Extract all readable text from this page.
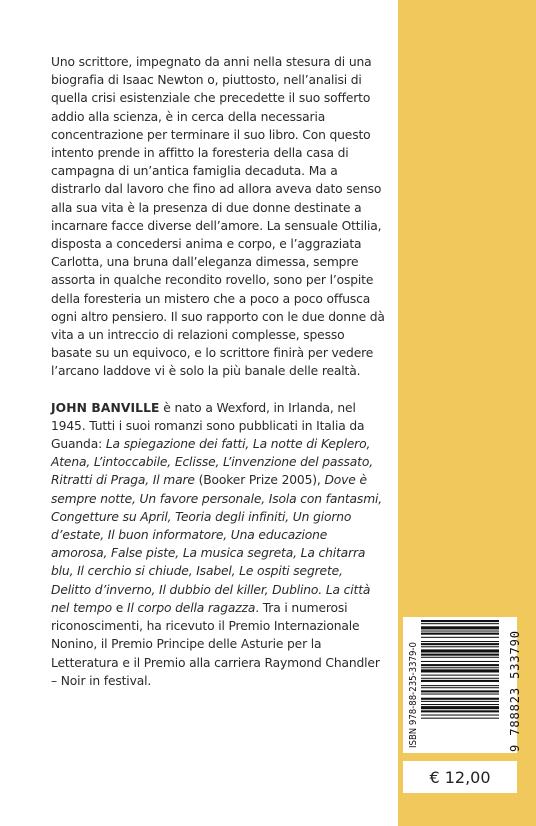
Uno scrittore, impegnato da anni nella stesura di una biografia di Isaac Newton o, piuttosto, nell’analisi di quella crisi esistenziale che precedette il suo sofferto addio alla scienza, è in cerca della necessaria concentrazione per terminare il suo libro. Con questo intento prende in affitto la foresteria della casa di campagna di un’antica famiglia decaduta. Ma a distrarlo dal lavoro che fino ad allora aveva dato senso alla sua vita è la presenza di due donne destinate a incarnare facce diverse dell’amore. La sensuale Ottilia, disposta a concedersi anima e corpo, e l’aggraziata Carlotta, una bruna dall’eleganza dimessa, sempre assorta in qualche recondito rovello, sono per l’ospite della foresteria un mistero che a poco a poco offusca ogni altro pensiero. Il suo rapporto con le due donne dà vita a un intreccio di relazioni complesse, spesso basate su un equivoco, e lo scrittore finirà per vedere l’arcano laddove vi è solo la più banale delle realtà.

JOHN BANVILLE è nato a Wexford, in Irlanda, nel 1945. Tutti i suoi romanzi sono pubblicati in Italia da Guanda: La spiegazione dei fatti, La notte di Keplero, Atena, L’intoccabile, Eclisse, L’invenzione del passato, Ritratti di Praga, Il mare (Booker Prize 2005), Dove è sempre notte, Un favore personale, Isola con fantasmi, Congetture su April, Teoria degli infiniti, Un giorno d’estate, Il buon informatore, Una educazione amorosa, False piste, La musica segreta, La chitarra blu, Il cerchio si chiude, Isabel, Le ospiti segrete, Delitto d’inverno, Il dubbio del killer, Dublino. La città nel tempo e Il corpo della ragazza. Tra i numerosi riconoscimenti, ha ricevuto il Premio Internazionale Nonino, il Premio Principe delle Asturie per la Letteratura e il Premio alla carriera Raymond Chandler – Noir in festival.	ISBN 978-88-235-3379-0	9 788823 533790
€ 12,00
